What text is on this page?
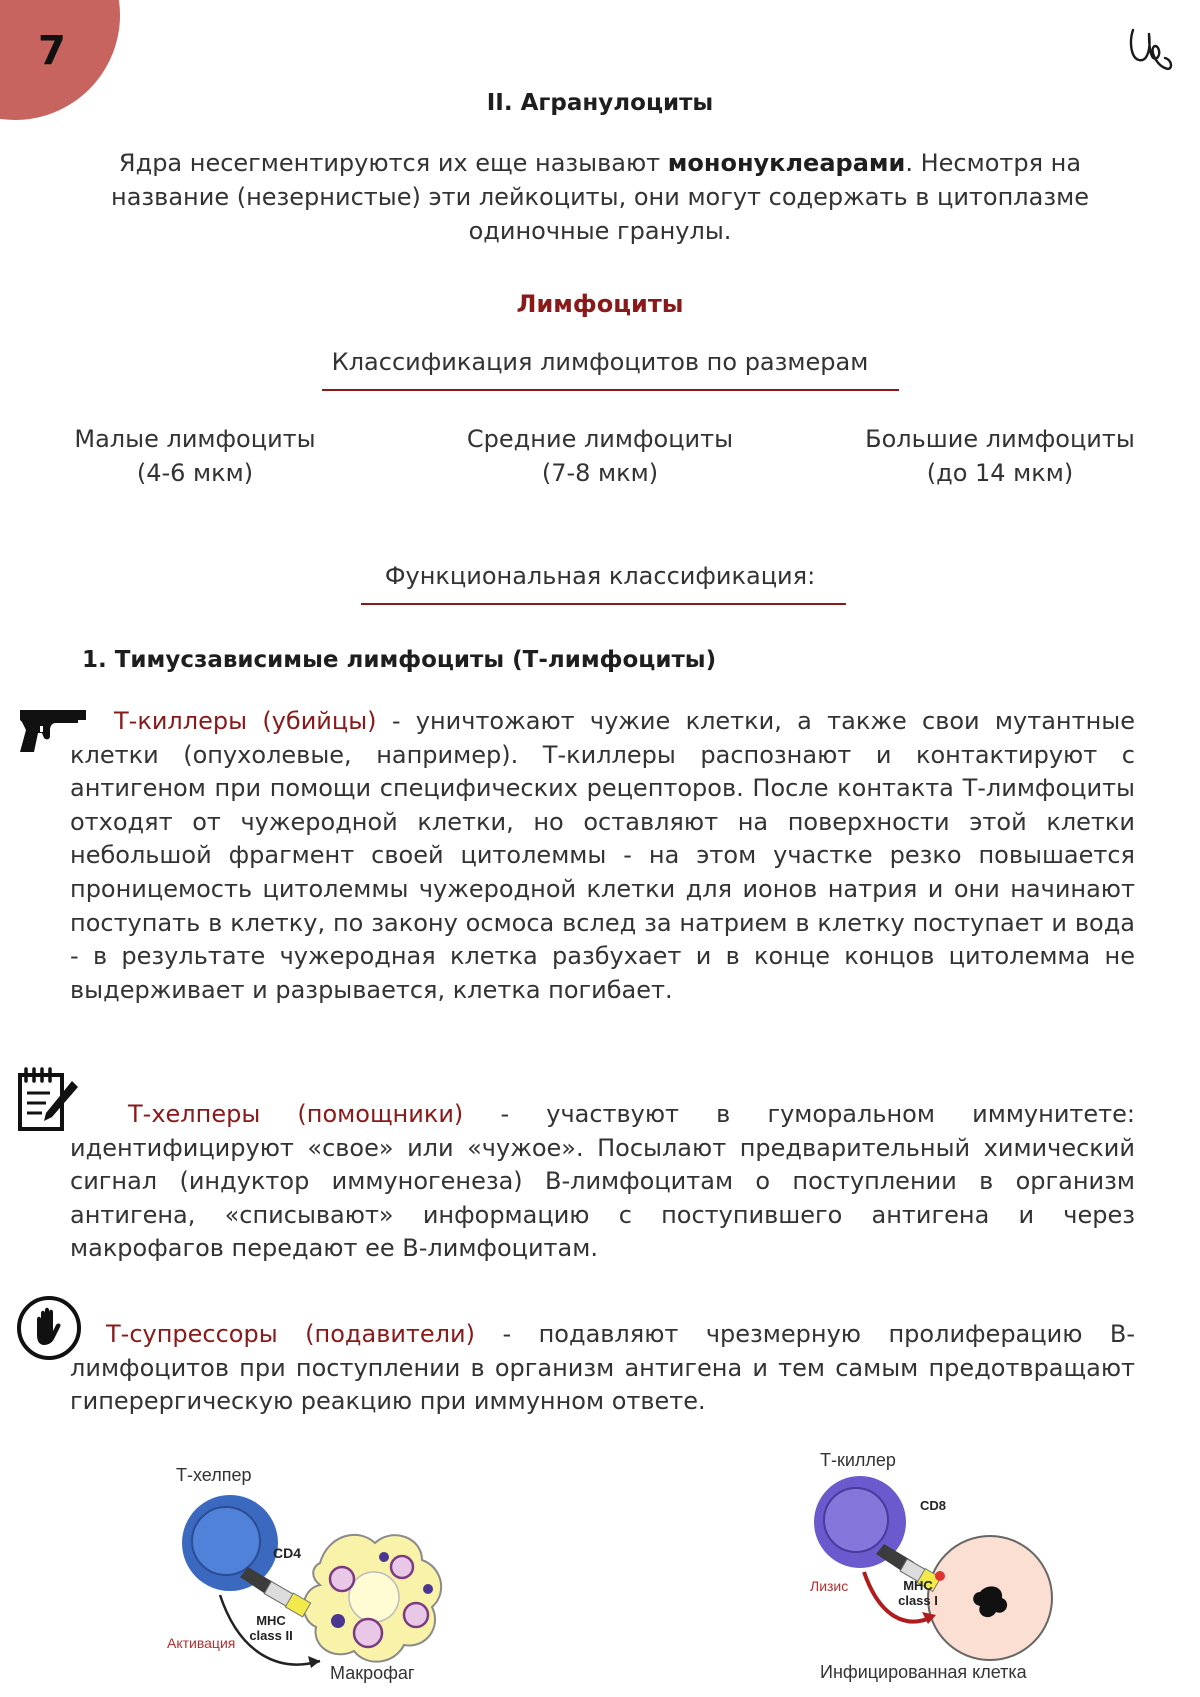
7
II. Агранулоциты
Ядра несегментируются их еще называют мононуклеарами. Несмотря на
название (незернистые) эти лейкоциты, они могут содержать в цитоплазме
одиночные гранулы.
Лимфоциты
Классификация лимфоцитов по размерам
Малые лимфоциты
(4-6 мкм)
Средние лимфоциты
(7-8 мкм)
Большие лимфоциты
(до 14 мкм)
Функциональная классификация:
1. Тимусзависимые лимфоциты (Т-лимфоциты)
Т-киллеры (убийцы) - уничтожают чужие клетки, а также свои мутантные клетки (опухолевые, например). Т-киллеры распознают и контактируют с антигеном при помощи специфических рецепторов. После контакта Т-лимфоциты отходят от чужеродной клетки, но оставляют на поверхности этой клетки небольшой фрагмент своей цитолеммы - на этом участке резко повышается проницемость цитолеммы чужеродной клетки для ионов натрия и они начинают поступать в клетку, по закону осмоса вслед за натрием в клетку поступает и вода - в результате чужеродная клетка разбухает и в конце концов цитолемма не выдерживает и разрывается, клетка погибает.
Т-хелперы (помощники) - участвуют в гуморальном иммунитете: идентифицируют «свое» или «чужое». Посылают предварительный химический сигнал (индуктор иммуногенеза) В-лимфоцитам о поступлении в организм антигена, «списывают» информацию с поступившего антигена и через макрофагов передают ее В-лимфоцитам.
Т-супрессоры (подавители) - подавляют чрезмерную пролиферацию В-лимфоцитов при поступлении в организм антигена и тем самым предотвращают гиперергическую реакцию при иммунном ответе.
Т-хелпер
CD4
MHC
class II
Активация
Макрофаг
Т-киллер
CD8
MHC
class I
Лизис
Инфицированная клетка
